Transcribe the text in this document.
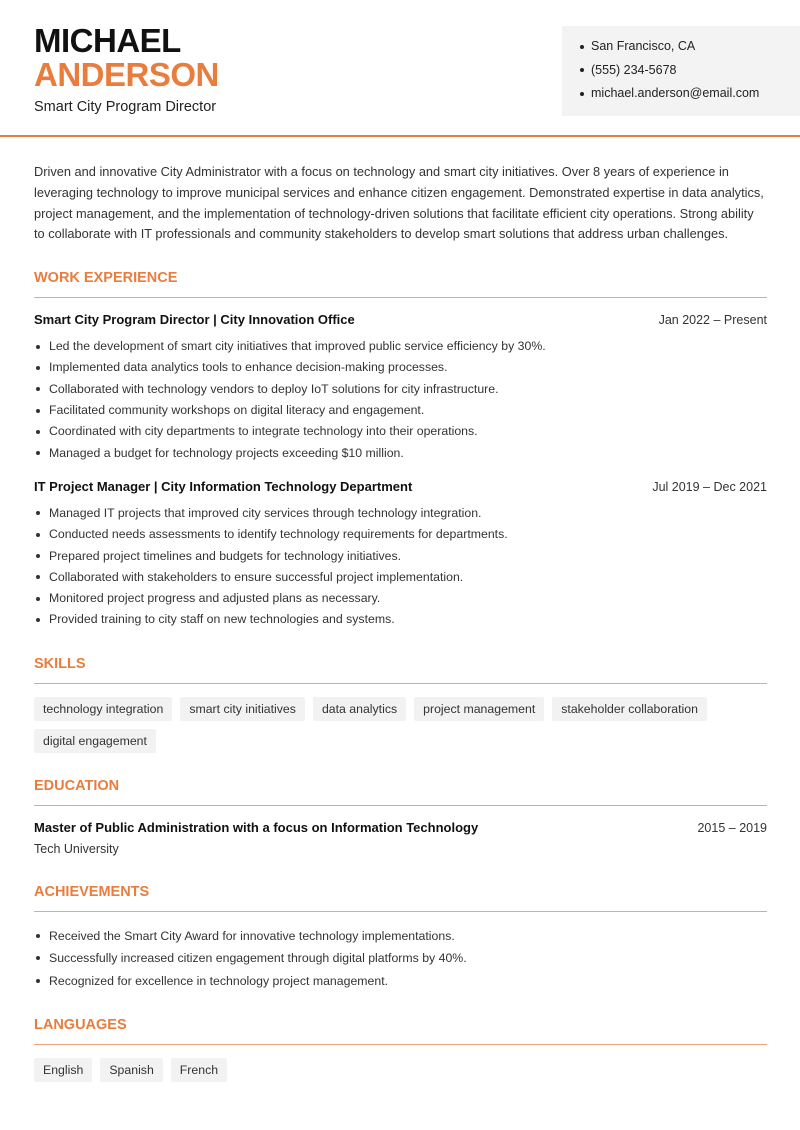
MICHAEL
ANDERSON
Smart City Program Director
San Francisco, CA
(555) 234-5678
michael.anderson@email.com

Driven and innovative City Administrator with a focus on technology and smart city initiatives. Over 8 years of experience in leveraging technology to improve municipal services and enhance citizen engagement. Demonstrated expertise in data analytics, project management, and the implementation of technology-driven solutions that facilitate efficient city operations. Strong ability to collaborate with IT professionals and community stakeholders to develop smart solutions that address urban challenges.

WORK EXPERIENCE
Smart City Program Director | City Innovation Office	Jan 2022 – Present
Led the development of smart city initiatives that improved public service efficiency by 30%.
Implemented data analytics tools to enhance decision-making processes.
Collaborated with technology vendors to deploy IoT solutions for city infrastructure.
Facilitated community workshops on digital literacy and engagement.
Coordinated with city departments to integrate technology into their operations.
Managed a budget for technology projects exceeding $10 million.
IT Project Manager | City Information Technology Department	Jul 2019 – Dec 2021
Managed IT projects that improved city services through technology integration.
Conducted needs assessments to identify technology requirements for departments.
Prepared project timelines and budgets for technology initiatives.
Collaborated with stakeholders to ensure successful project implementation.
Monitored project progress and adjusted plans as necessary.
Provided training to city staff on new technologies and systems.
SKILLS
technology integration	smart city initiatives	data analytics	project management	stakeholder collaboration
digital engagement
EDUCATION
Master of Public Administration with a focus on Information Technology	2015 – 2019
Tech University
ACHIEVEMENTS
Received the Smart City Award for innovative technology implementations.
Successfully increased citizen engagement through digital platforms by 40%.
Recognized for excellence in technology project management.
LANGUAGES
English	Spanish	French
